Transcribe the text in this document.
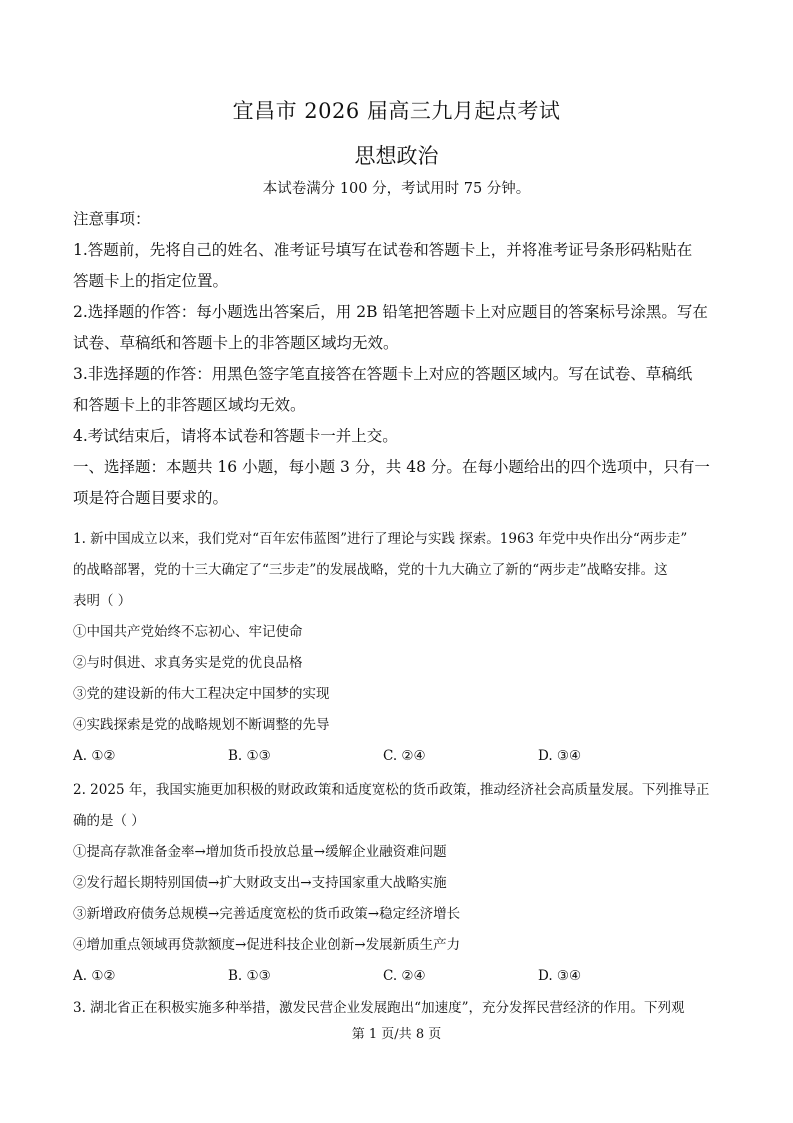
宜昌市 2026 届高三九月起点考试
思想政治
本试卷满分 100 分，考试用时 75 分钟。

注意事项：

1.答题前，先将自己的姓名、准考证号填写在试卷和答题卡上，并将准考证号条形码粘贴在

答题卡上的指定位置。

2.选择题的作答：每小题选出答案后，用 2B 铅笔把答题卡上对应题目的答案标号涂黑。写在

试卷、草稿纸和答题卡上的非答题区域均无效。

3.非选择题的作答：用黑色签字笔直接答在答题卡上对应的答题区域内。写在试卷、草稿纸

和答题卡上的非答题区域均无效。

4.考试结束后，请将本试卷和答题卡一并上交。

一、选择题：本题共 16 小题，每小题 3 分，共 48 分。在每小题给出的四个选项中，只有一

项是符合题目要求的。

1. 新中国成立以来，我们党对“百年宏伟蓝图”进行了理论与实践 探索。1963 年党中央作出分“两步走”

的战略部署，党的十三大确定了“三步走”的发展战略，党的十九大确立了新的“两步走”战略安排。这

表明（ ）

①中国共产党始终不忘初心、牢记使命

②与时俱进、求真务实是党的优良品格

③党的建设新的伟大工程决定中国梦的实现

④实践探索是党的战略规划不断调整的先导

A. ①②	B. ①③	C. ②④	D. ③④

2. 2025 年，我国实施更加积极的财政政策和适度宽松的货币政策，推动经济社会高质量发展。下列推导正

确的是（ ）

①提高存款准备金率→增加货币投放总量→缓解企业融资难问题

②发行超长期特别国债→扩大财政支出→支持国家重大战略实施

③新增政府债务总规模→完善适度宽松的货币政策→稳定经济增长

④增加重点领域再贷款额度→促进科技企业创新→发展新质生产力

A. ①②	B. ①③	C. ②④	D. ③④

3. 湖北省正在积极实施多种举措，激发民营企业发展跑出“加速度”，充分发挥民营经济的作用。下列观

第 1 页/共 8 页
